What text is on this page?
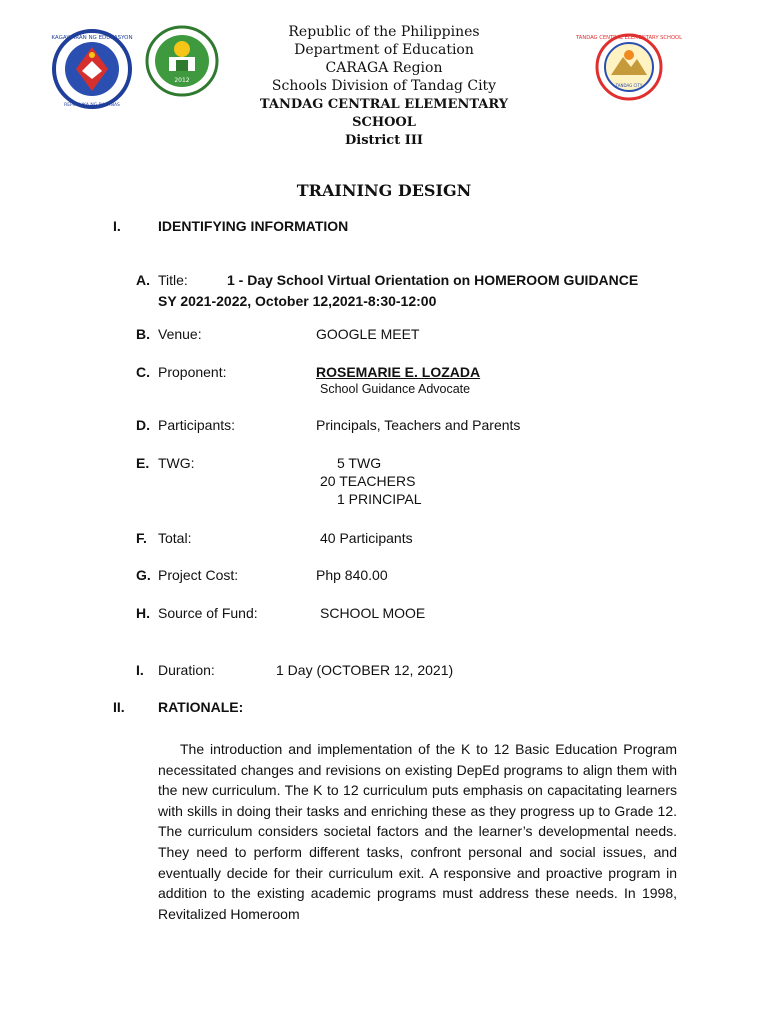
KAGAWARAN NG EDUKASYON
REPUBLIKA NG PILIPINAS
2012
TANDAG CENTRAL ELEMENTARY SCHOOL
TANDAG CITY
Republic of the Philippines
Department of Education
CARAGA Region
Schools Division of Tandag City
TANDAG CENTRAL ELEMENTARY
SCHOOL
District III
TRAINING DESIGN
I.	IDENTIFYING INFORMATION
A. Title:	1 - Day School Virtual Orientation on HOMEROOM GUIDANCE
SY 2021-2022, October 12,2021-8:30-12:00
B. Venue:	GOOGLE MEET
C. Proponent:	ROSEMARIE E. LOZADA
School Guidance Advocate
D. Participants:	Principals, Teachers and Parents
E. TWG:	5 TWG
20 TEACHERS
1 PRINCIPAL
F. Total:	40 Participants
G. Project Cost:	Php 840.00
H. Source of Fund:	SCHOOL MOOE
I. Duration:	1 Day (OCTOBER 12, 2021)
II. RATIONALE:
The introduction and implementation of the K to 12 Basic Education Program necessitated changes and revisions on existing DepEd programs to align them with the new curriculum. The K to 12 curriculum puts emphasis on capacitating learners with skills in doing their tasks and enriching these as they progress up to Grade 12. The curriculum considers societal factors and the learner’s developmental needs. They need to perform different tasks, confront personal and social issues, and eventually decide for their curriculum exit. A responsive and proactive program in addition to the existing academic programs must address these needs. In 1998, Revitalized Homeroom
